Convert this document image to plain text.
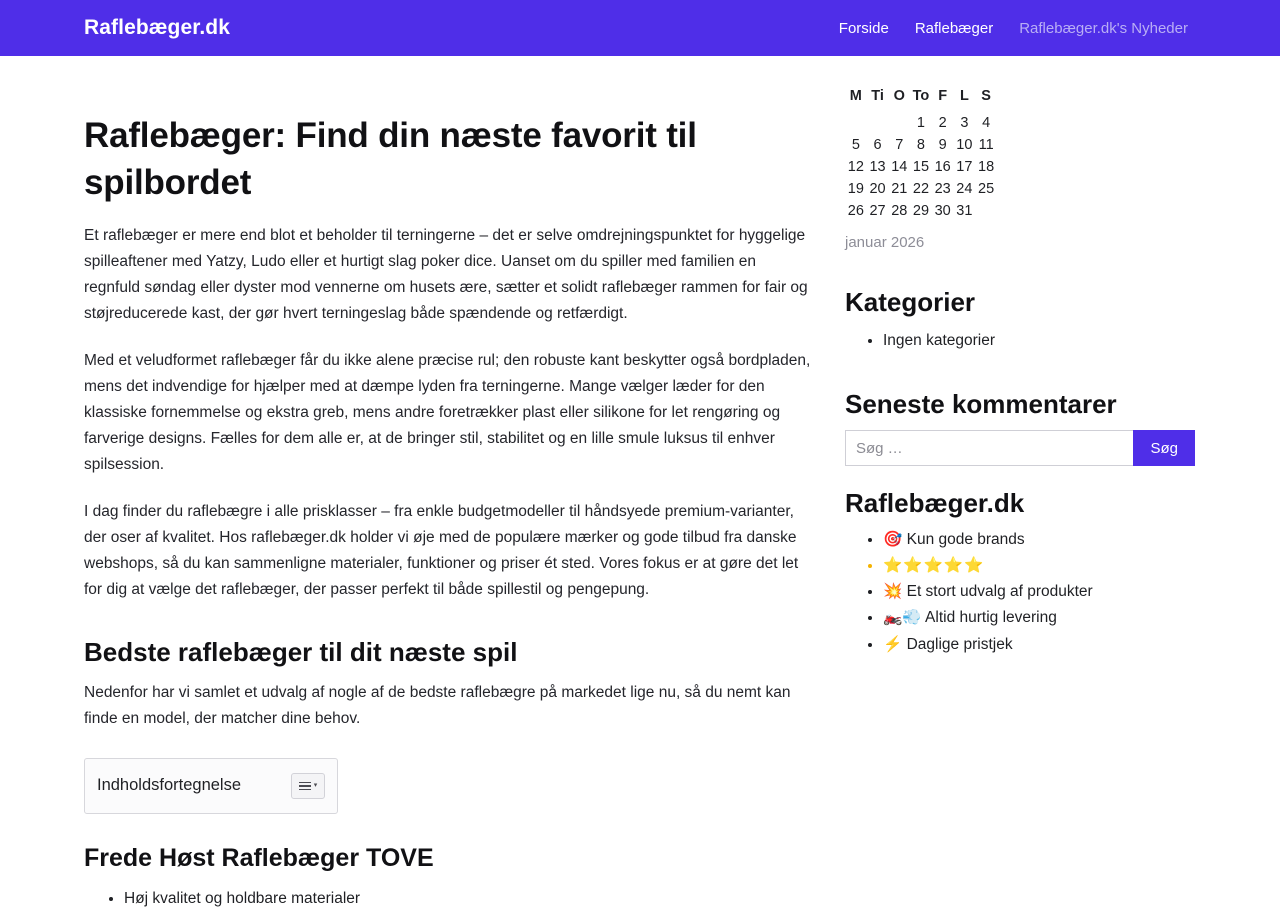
Raflebæger.dk	Forside Raflebæger Raflebæger.dk's Nyheder
Raflebæger: Find din næste favorit til spilbordet

Et raflebæger er mere end blot et beholder til terningerne – det er selve omdrejningspunktet for hyggelige spilleaftener med Yatzy, Ludo eller et hurtigt slag poker dice. Uanset om du spiller med familien en regnfuld søndag eller dyster mod vennerne om husets ære, sætter et solidt raflebæger rammen for fair og støjreducerede kast, der gør hvert terningeslag både spændende og retfærdigt.

Med et veludformet raflebæger får du ikke alene præcise rul; den robuste kant beskytter også bordpladen, mens det indvendige for hjælper med at dæmpe lyden fra terningerne. Mange vælger læder for den klassiske fornemmelse og ekstra greb, mens andre foretrækker plast eller silikone for let rengøring og farverige designs. Fælles for dem alle er, at de bringer stil, stabilitet og en lille smule luksus til enhver spilsession.

I dag finder du raflebægre i alle prisklasser – fra enkle budgetmodeller til håndsyede premium-varianter, der oser af kvalitet. Hos raflebæger.dk holder vi øje med de populære mærker og gode tilbud fra danske webshops, så du kan sammenligne materialer, funktioner og priser ét sted. Vores fokus er at gøre det let for dig at vælge det raflebæger, der passer perfekt til både spillestil og pengepung.

Bedste raflebæger til dit næste spil

Nedenfor har vi samlet et udvalg af nogle af de bedste raflebægre på markedet lige nu, så du nemt kan finde en model, der matcher dine behov.

Indholdsfortegnelse	▾
Frede Høst Raflebæger TOVE
• Høj kvalitet og holdbare materialer
M	Ti	O	To	F	L	S
			1	2	3	4
5	6	7	8	9	10	11
12	13	14	15	16	17	18
19	20	21	22	23	24	25
26	27	28	29	30	31	
januar 2026
Kategorier
• Ingen kategorier
Seneste kommentarer
Søg …
Søg
Raflebæger.dk
• 🎯 Kun gode brands
• ⭐⭐⭐⭐⭐
• 💥 Et stort udvalg af produkter
• 🏍️💨 Altid hurtig levering
• ⚡ Daglige pristjek
